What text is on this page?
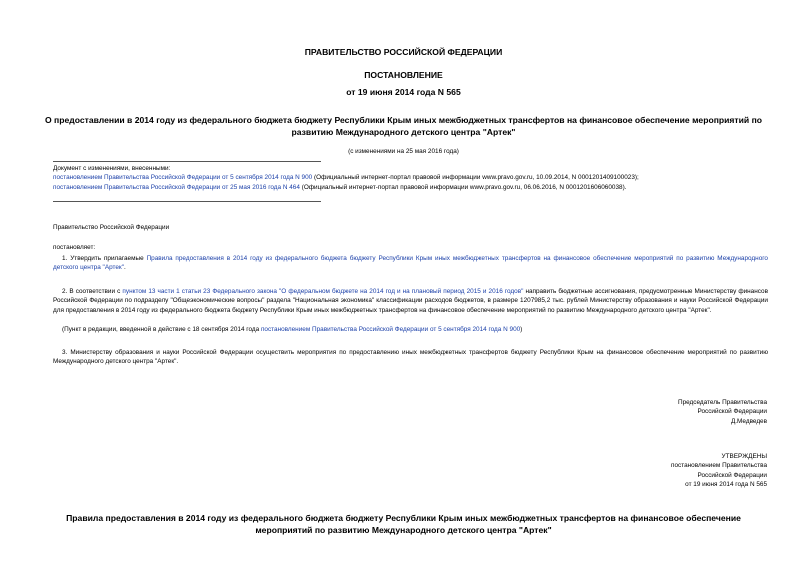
ПРАВИТЕЛЬСТВО РОССИЙСКОЙ ФЕДЕРАЦИИ
ПОСТАНОВЛЕНИЕ
от 19 июня 2014 года N 565
О предоставлении в 2014 году из федерального бюджета бюджету Республики Крым иных межбюджетных трансфертов на финансовое обеспечение мероприятий по развитию Международного детского центра "Артек"
(с изменениями на 25 мая 2016 года)
Документ с изменениями, внесенными:
постановлением Правительства Российской Федерации от 5 сентября 2014 года N 900 (Официальный интернет-портал правовой информации www.pravo.gov.ru, 10.09.2014, N 0001201409100023);
постановлением Правительства Российской Федерации от 25 мая 2016 года N 464 (Официальный интернет-портал правовой информации www.pravo.gov.ru, 06.06.2016, N 0001201606060038).
Правительство Российской Федерации
постановляет:
1. Утвердить прилагаемые Правила предоставления в 2014 году из федерального бюджета бюджету Республики Крым иных межбюджетных трансфертов на финансовое обеспечение мероприятий по развитию Международного детского центра "Артек".
2. В соответствии с пунктом 13 части 1 статьи 23 Федерального закона "О федеральном бюджете на 2014 год и на плановый период 2015 и 2016 годов" направить бюджетные ассигнования, предусмотренные Министерству финансов Российской Федерации по подразделу "Общеэкономические вопросы" раздела "Национальная экономика" классификации расходов бюджетов, в размере 1207985,2 тыс. рублей Министерству образования и науки Российской Федерации для предоставления в 2014 году из федерального бюджета бюджету Республики Крым иных межбюджетных трансфертов на финансовое обеспечение мероприятий по развитию Международного детского центра "Артек".
(Пункт в редакции, введенной в действие с 18 сентября 2014 года постановлением Правительства Российской Федерации от 5 сентября 2014 года N 900)
3. Министерству образования и науки Российской Федерации осуществить мероприятия по предоставлению иных межбюджетных трансфертов бюджету Республики Крым на финансовое обеспечение мероприятий по развитию Международного детского центра "Артек".
Председатель Правительства
Российской Федерации
Д.Медведев
УТВЕРЖДЕНЫ
постановлением Правительства
Российской Федерации
от 19 июня 2014 года N 565
Правила предоставления в 2014 году из федерального бюджета бюджету Республики Крым иных межбюджетных трансфертов на финансовое обеспечение мероприятий по развитию Международного детского центра "Артек"
